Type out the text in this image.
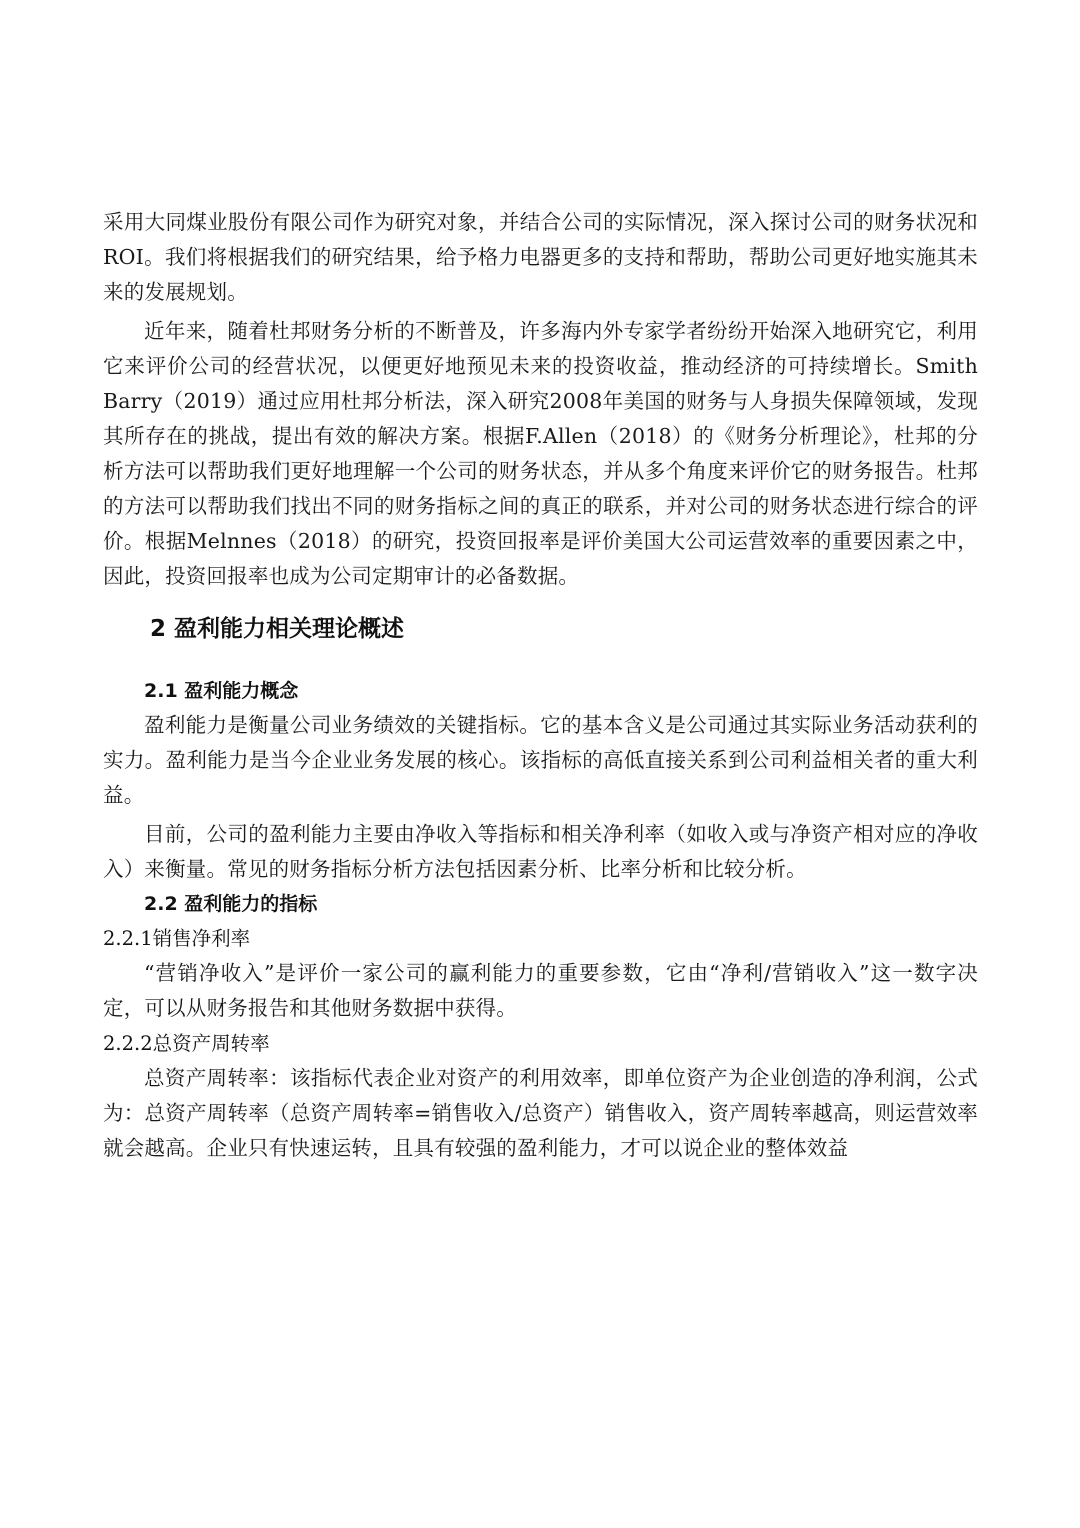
采用大同煤业股份有限公司作为研究对象，并结合公司的实际情况，深入探讨公司的财务状况和ROI。我们将根据我们的研究结果，给予格力电器更多的支持和帮助，帮助公司更好地实施其未来的发展规划。

近年来，随着杜邦财务分析的不断普及，许多海内外专家学者纷纷开始深入地研究它，利用它来评价公司的经营状况，以便更好地预见未来的投资收益，推动经济的可持续增长。Smith Barry（2019）通过应用杜邦分析法，深入研究2008年美国的财务与人身损失保障领域，发现其所存在的挑战，提出有效的解决方案。根据F.Allen（2018）的《财务分析理论》，杜邦的分析方法可以帮助我们更好地理解一个公司的财务状态，并从多个角度来评价它的财务报告。杜邦的方法可以帮助我们找出不同的财务指标之间的真正的联系，并对公司的财务状态进行综合的评价。根据Melnnes（2018）的研究，投资回报率是评价美国大公司运营效率的重要因素之中，因此，投资回报率也成为公司定期审计的必备数据。

2 盈利能力相关理论概述
2.1 盈利能力概念

盈利能力是衡量公司业务绩效的关键指标。它的基本含义是公司通过其实际业务活动获利的实力。盈利能力是当今企业业务发展的核心。该指标的高低直接关系到公司利益相关者的重大利益。

目前，公司的盈利能力主要由净收入等指标和相关净利率（如收入或与净资产相对应的净收入）来衡量。常见的财务指标分析方法包括因素分析、比率分析和比较分析。

2.2 盈利能力的指标
2.2.1销售净利率

“营销净收入”是评价一家公司的赢利能力的重要参数，它由“净利/营销收入”这一数字决定，可以从财务报告和其他财务数据中获得。

2.2.2总资产周转率

总资产周转率：该指标代表企业对资产的利用效率，即单位资产为企业创造的净利润，公式为：总资产周转率（总资产周转率=销售收入/总资产）销售收入，资产周转率越高，则运营效率就会越高。企业只有快速运转，且具有较强的盈利能力，才可以说企业的整体效益
